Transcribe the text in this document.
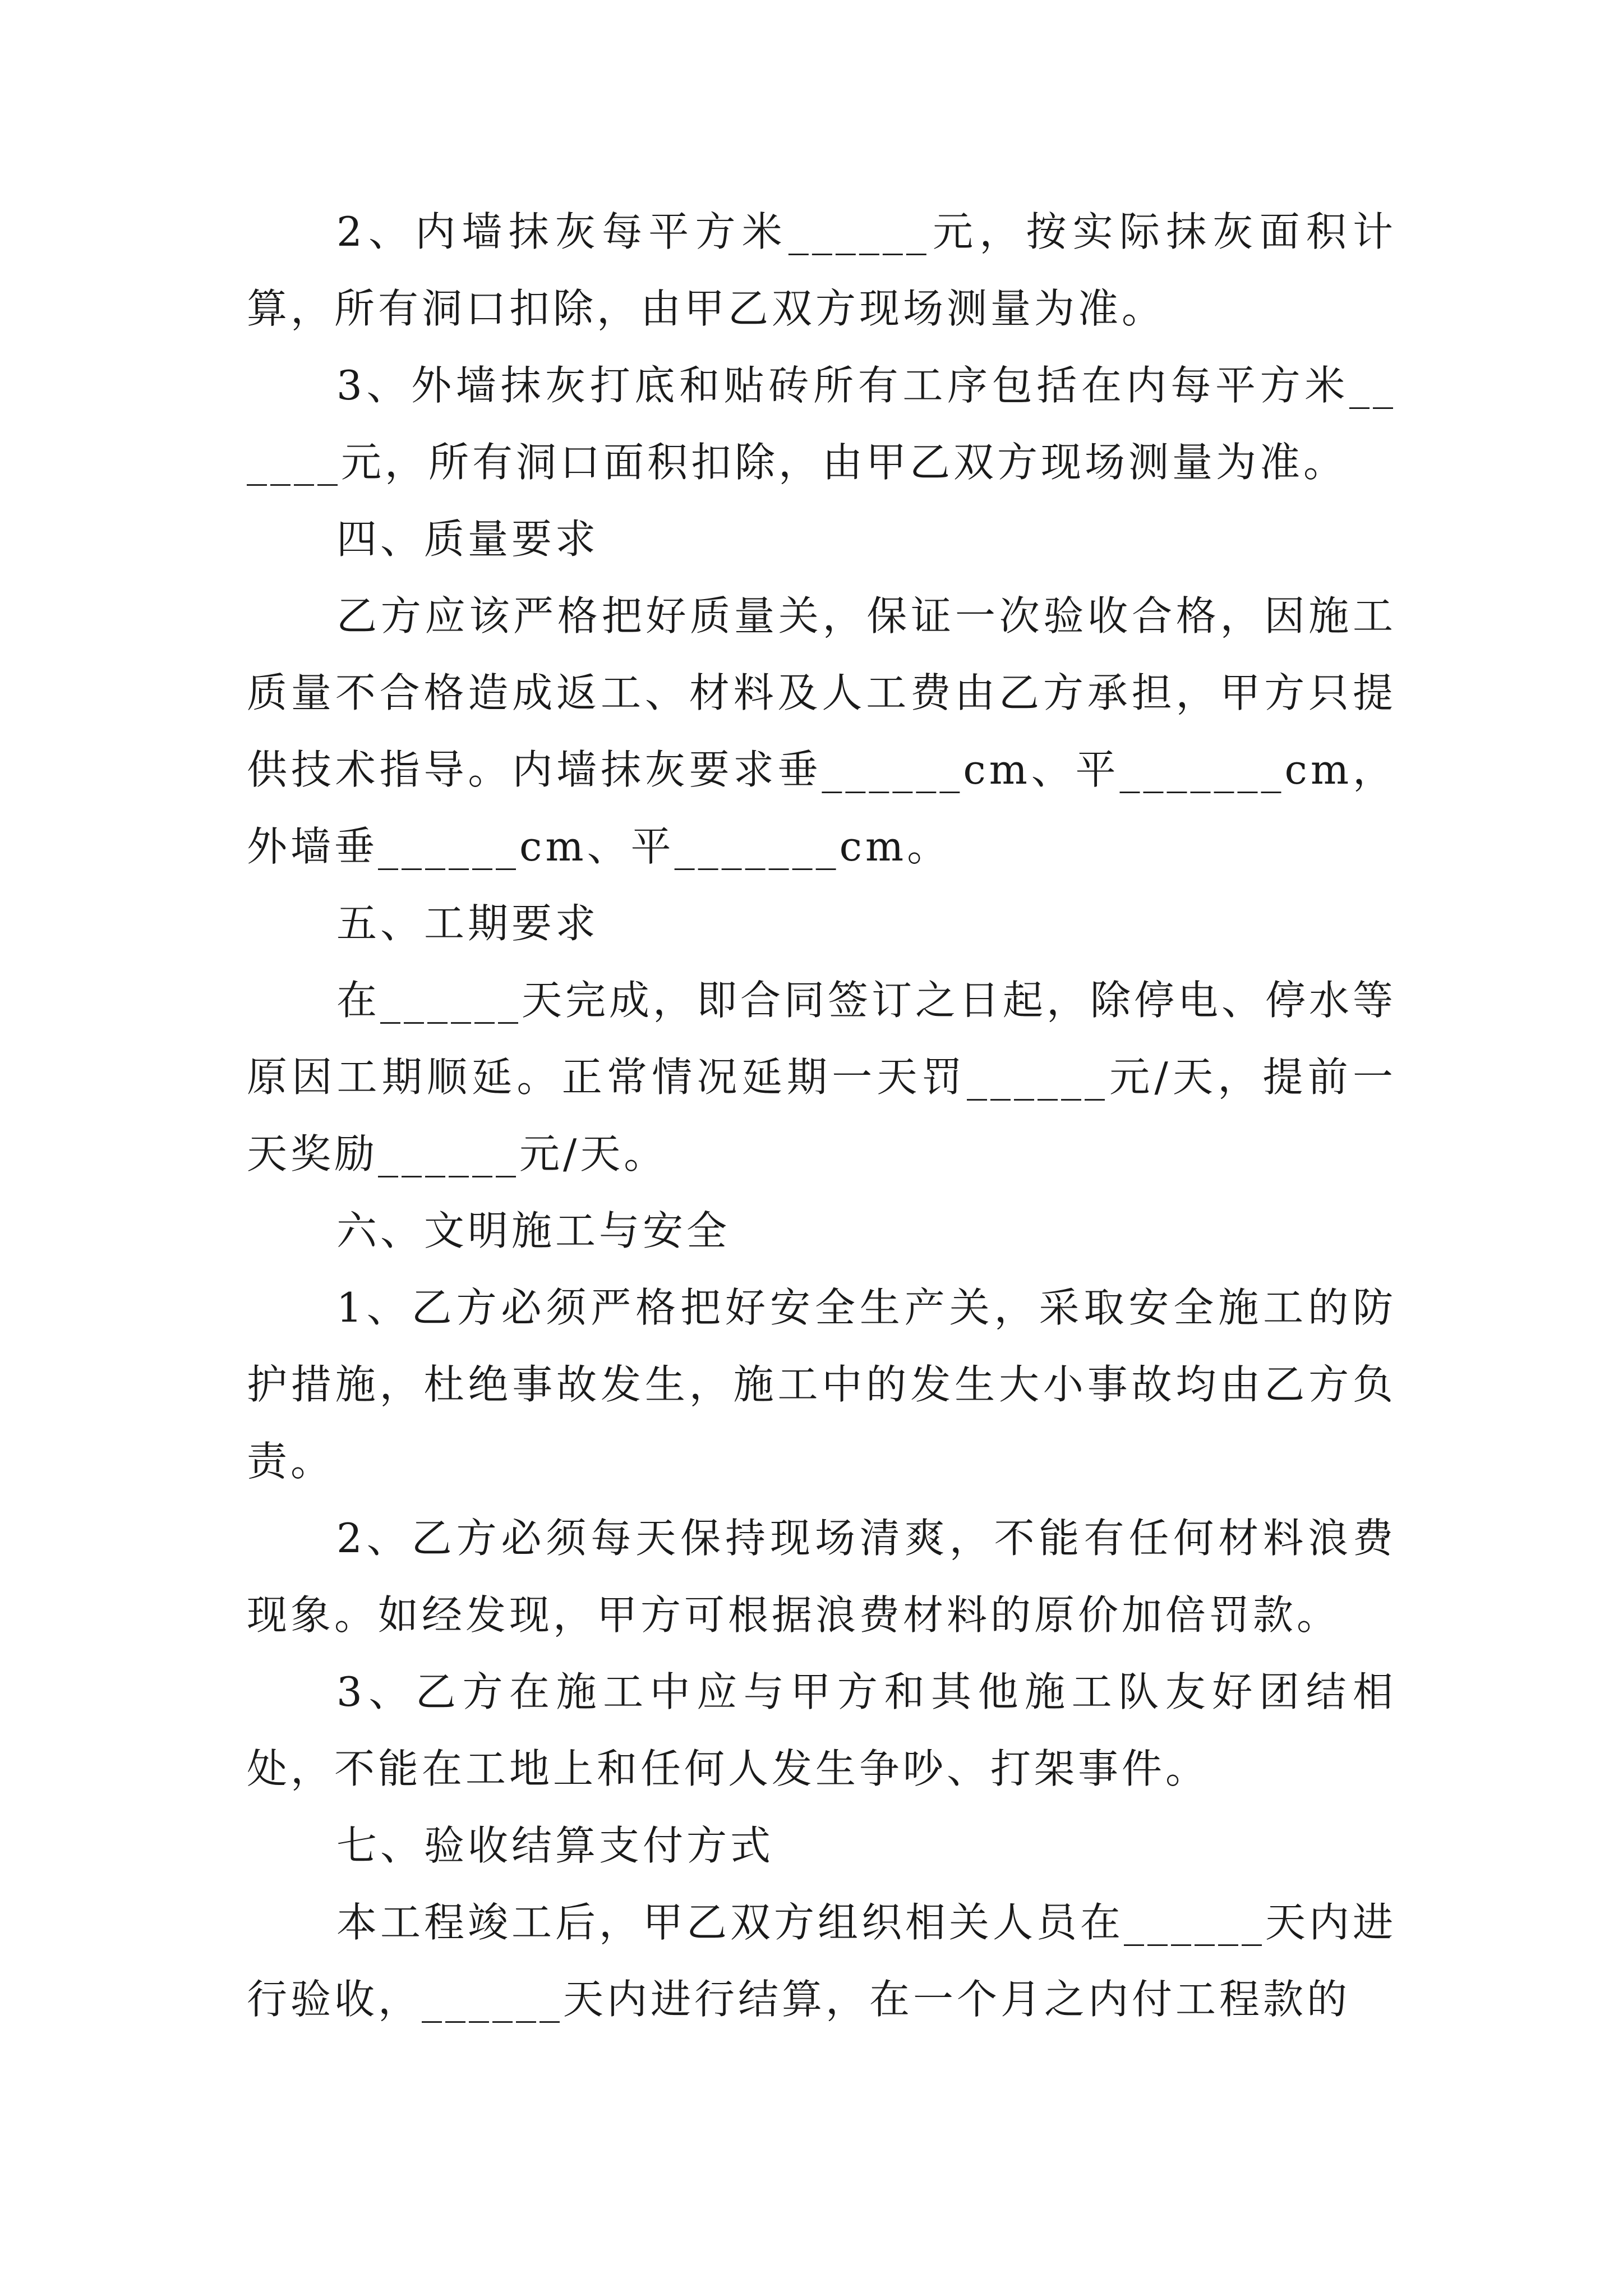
2、内墙抹灰每平方米______元，按实际抹灰面积计算，所有洞口扣除，由甲乙双方现场测量为准。

3、外墙抹灰打底和贴砖所有工序包括在内每平方米______元，所有洞口面积扣除，由甲乙双方现场测量为准。

四、质量要求

乙方应该严格把好质量关，保证一次验收合格，因施工质量不合格造成返工、材料及人工费由乙方承担，甲方只提供技术指导。内墙抹灰要求垂______cm、平_______cm，外墙垂______cm、平_______cm。

五、工期要求

在______天完成，即合同签订之日起，除停电、停水等原因工期顺延。正常情况延期一天罚______元/天，提前一天奖励______元/天。

六、文明施工与安全

1、乙方必须严格把好安全生产关，采取安全施工的防护措施，杜绝事故发生，施工中的发生大小事故均由乙方负责。

2、乙方必须每天保持现场清爽，不能有任何材料浪费现象。如经发现，甲方可根据浪费材料的原价加倍罚款。

3、乙方在施工中应与甲方和其他施工队友好团结相处，不能在工地上和任何人发生争吵、打架事件。

七、验收结算支付方式

本工程竣工后，甲乙双方组织相关人员在______天内进行验收，______天内进行结算，在一个月之内付工程款的
